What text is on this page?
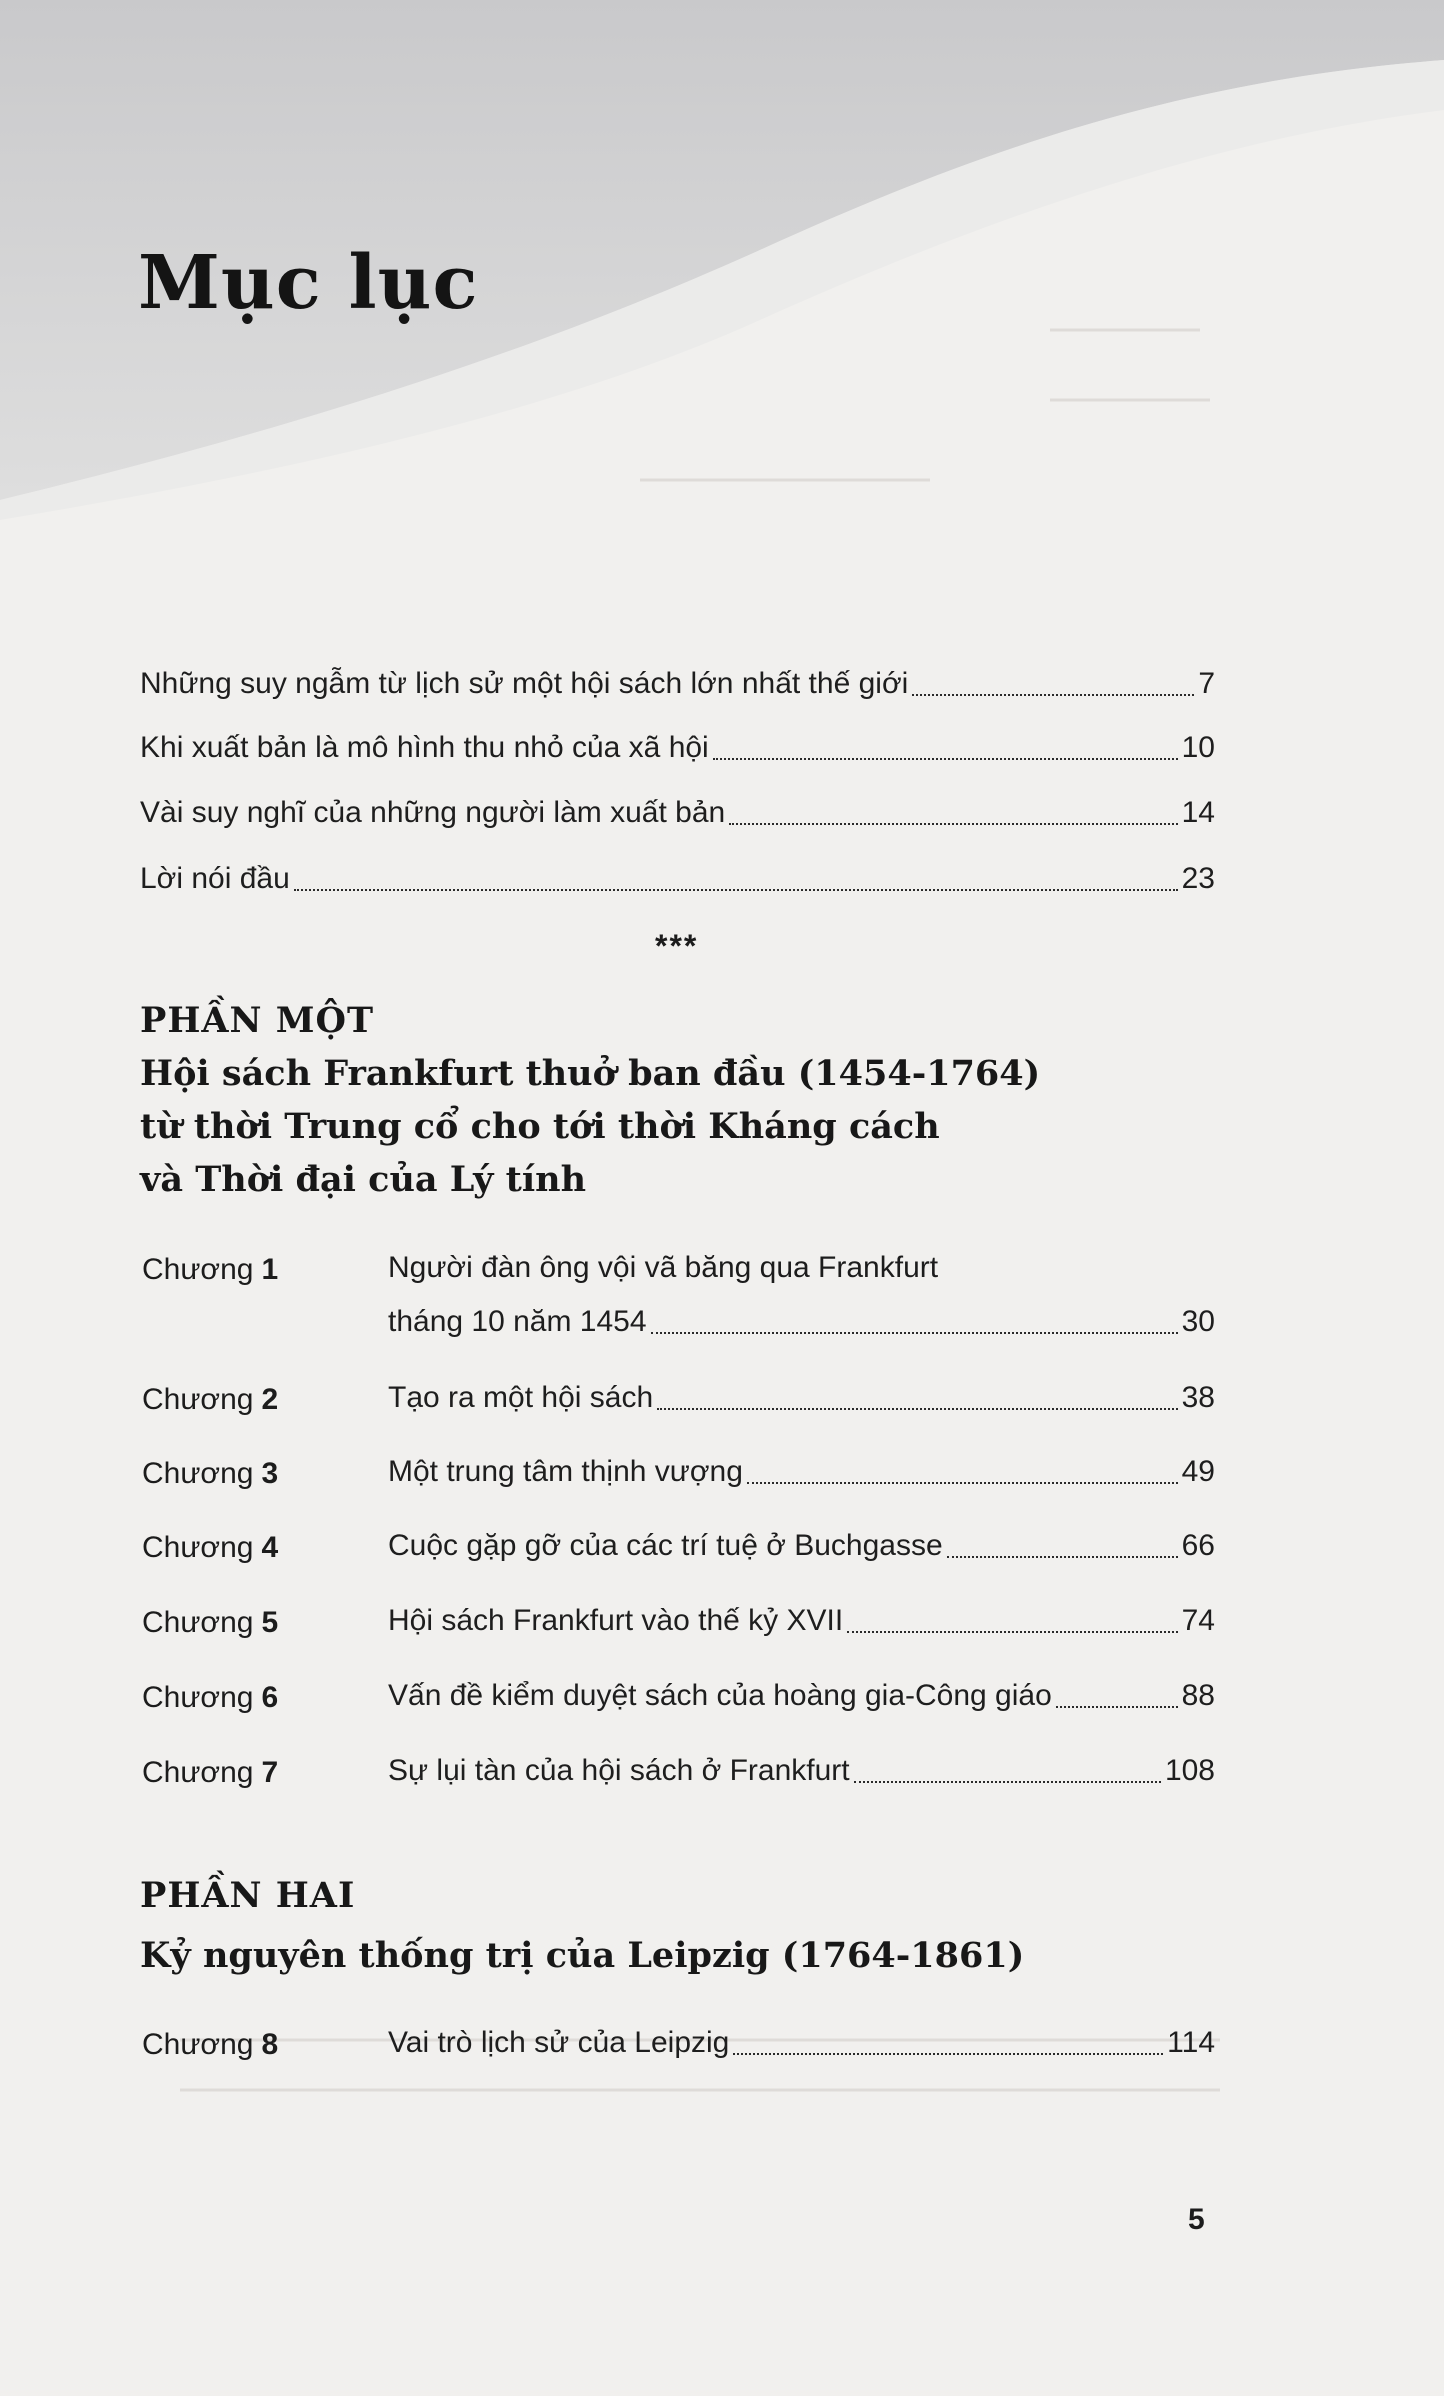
Mục lục
Những suy ngẫm từ lịch sử một hội sách lớn nhất thế giới	7
Khi xuất bản là mô hình thu nhỏ của xã hội	10
Vài suy nghĩ của những người làm xuất bản	14
Lời nói đầu	23
***

PHẦN MỘT

Hội sách Frankfurt thuở ban đầu (1454-1764)

từ thời Trung cổ cho tới thời Kháng cách

và Thời đại của Lý tính

Chương 1	Người đàn ông vội vã băng qua Frankfurt
tháng 10 năm 1454	30
Chương 2	Tạo ra một hội sách	38
Chương 3	Một trung tâm thịnh vượng	49
Chương 4	Cuộc gặp gỡ của các trí tuệ ở Buchgasse	66
Chương 5	Hội sách Frankfurt vào thế kỷ XVII	74
Chương 6	Vấn đề kiểm duyệt sách của hoàng gia-Công giáo	88
Chương 7	Sự lụi tàn của hội sách ở Frankfurt	108

PHẦN HAI

Kỷ nguyên thống trị của Leipzig (1764-1861)

Chương 8	Vai trò lịch sử của Leipzig	114
5
